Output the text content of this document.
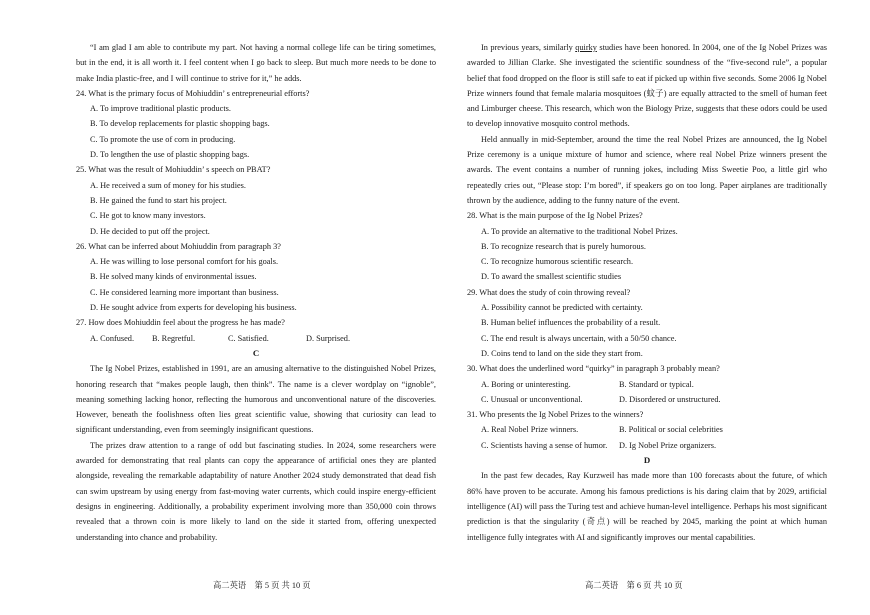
“I am glad I am able to contribute my part. Not having a normal college life can be tiring sometimes, but in the end, it is all worth it. I feel content when I go back to sleep. But much more needs to be done to make India plastic-free, and I will continue to strive for it,” he adds.

24. What is the primary focus of Mohiuddin’ s entrepreneurial efforts?

A. To improve traditional plastic products.

B. To develop replacements for plastic shopping bags.

C. To promote the use of corn in producing.

D. To lengthen the use of plastic shopping bags.

25. What was the result of Mohiuddin’ s speech on PBAT?

A. He received a sum of money for his studies.

B. He gained the fund to start his project.

C. He got to know many investors.

D. He decided to put off the project.

26. What can be inferred about Mohiuddin from paragraph 3?

A. He was willing to lose personal comfort for his goals.

B. He solved many kinds of environmental issues.

C. He considered learning more important than business.

D. He sought advice from experts for developing his business.

27. How does Mohiuddin feel about the progress he has made?

A. Confused.	B. Regretful.	C. Satisfied.	D. Surprised.

C

The Ig Nobel Prizes, established in 1991, are an amusing alternative to the distinguished Nobel Prizes, honoring research that “makes people laugh, then think”. The name is a clever wordplay on “ignoble”, meaning something lacking honor, reflecting the humorous and unconventional nature of the discoveries. However, beneath the foolishness often lies great scientific value, showing that curiosity can lead to significant understanding, even from seemingly insignificant questions.

The prizes draw attention to a range of odd but fascinating studies. In 2024, some researchers were awarded for demonstrating that real plants can copy the appearance of artificial ones they are planted alongside, revealing the remarkable adaptability of nature Another 2024 study demonstrated that dead fish can swim upstream by using energy from fast-moving water currents, which could inspire energy-efficient designs in engineering. Additionally, a probability experiment involving more than 350,000 coin throws revealed that a thrown coin is more likely to land on the side it started from, offering unexpected understanding into chance and probability.

高二英语　第 5 页 共 10 页

In previous years, similarly quirky studies have been honored. In 2004, one of the Ig Nobel Prizes was awarded to Jillian Clarke. She investigated the scientific soundness of the “five-second rule”, a popular belief that food dropped on the floor is still safe to eat if picked up within five seconds. Some 2006 Ig Nobel Prize winners found that female malaria mosquitoes (蚊子) are equally attracted to the smell of human feet and Limburger cheese. This research, which won the Biology Prize, suggests that these odors could be used to develop innovative mosquito control methods.

Held annually in mid-September, around the time the real Nobel Prizes are announced, the Ig Nobel Prize ceremony is a unique mixture of humor and science, where real Nobel Prize winners present the awards. The event contains a number of running jokes, including Miss Sweetie Poo, a little girl who repeatedly cries out, “Please stop: I’m bored”, if speakers go on too long. Paper airplanes are traditionally thrown by the audience, adding to the funny nature of the event.

28. What is the main purpose of the Ig Nobel Prizes?

A. To provide an alternative to the traditional Nobel Prizes.

B. To recognize research that is purely humorous.

C. To recognize humorous scientific research.

D. To award the smallest scientific studies

29. What does the study of coin throwing reveal?

A. Possibility cannot be predicted with certainty.

B. Human belief influences the probability of a result.

C. The end result is always uncertain, with a 50/50 chance.

D. Coins tend to land on the side they start from.

30. What does the underlined word “quirky” in paragraph 3 probably mean?

A. Boring or uninteresting.	B. Standard or typical.
C. Unusual or unconventional.	D. Disordered or unstructured.

31. Who presents the Ig Nobel Prizes to the winners?

A. Real Nobel Prize winners.	B. Political or social celebrities
C. Scientists having a sense of humor.	D. Ig Nobel Prize organizers.

D

In the past few decades, Ray Kurzweil has made more than 100 forecasts about the future, of which 86% have proven to be accurate. Among his famous predictions is his daring claim that by 2029, artificial intelligence (AI) will pass the Turing test and achieve human-level intelligence. Perhaps his most significant prediction is that the singularity (奇点) will be reached by 2045, marking the point at which human intelligence fully integrates with AI and significantly improves our mental capabilities.

高二英语　第 6 页 共 10 页
